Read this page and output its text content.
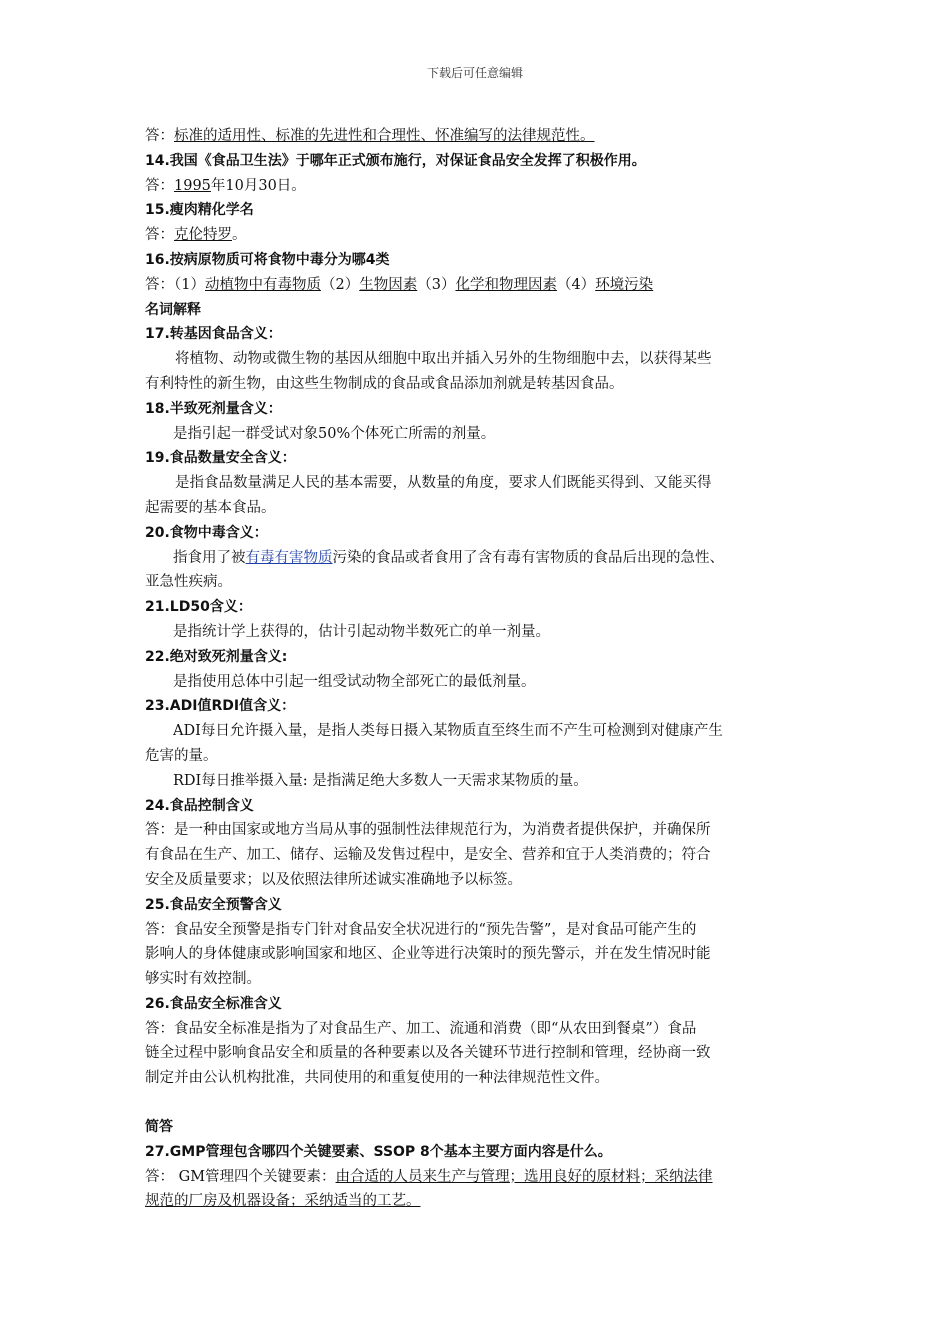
下载后可任意编辑
答：标准的适用性、标准的先进性和合理性、怀准编写的法律规范性。
14.我国《食品卫生法》于哪年正式颁布施行，对保证食品安全发挥了积极作用。
答：1995年10月30日。
15.瘦肉精化学名
答：克伦特罗。
16.按病原物质可将食物中毒分为哪4类
答：（1）动植物中有毒物质（2）生物因素（3）化学和物理因素（4）环境污染
名词解释
17.转基因食品含义：
将植物、动物或微生物的基因从细胞中取出并插入另外的生物细胞中去，以获得某些
有利特性的新生物，由这些生物制成的食品或食品添加剂就是转基因食品。
18.半致死剂量含义：
是指引起一群受试对象50%个体死亡所需的剂量。
19.食品数量安全含义：
是指食品数量满足人民的基本需要，从数量的角度，要求人们既能买得到、又能买得
起需要的基本食品。
20.食物中毒含义：
指食用了被有毒有害物质污染的食品或者食用了含有毒有害物质的食品后出现的急性、
亚急性疾病。
21.LD50含义：
是指统计学上获得的，估计引起动物半数死亡的单一剂量。
22.绝对致死剂量含义:
是指使用总体中引起一组受试动物全部死亡的最低剂量。
23.ADI值RDI值含义：
ADI每日允许摄入量，是指人类每日摄入某物质直至终生而不产生可检测到对健康产生
危害的量。
RDI每日推举摄入量: 是指满足绝大多数人一天需求某物质的量。
24.食品控制含义
答：是一种由国家或地方当局从事的强制性法律规范行为，为消费者提供保护，并确保所
有食品在生产、加工、储存、运输及发售过程中，是安全、营养和宜于人类消费的；符合
安全及质量要求；以及依照法律所述诚实准确地予以标签。
25.食品安全预警含义
答：食品安全预警是指专门针对食品安全状况进行的“预先告警”，是对食品可能产生的
影响人的身体健康或影响国家和地区、企业等进行决策时的预先警示，并在发生情况时能
够实时有效控制。
26.食品安全标准含义
答：食品安全标准是指为了对食品生产、加工、流通和消费（即“从农田到餐桌”）食品
链全过程中影响食品安全和质量的各种要素以及各关键环节进行控制和管理，经协商一致
制定并由公认机构批准，共同使用的和重复使用的一种法律规范性文件。
简答
27.GMP管理包含哪四个关键要素、SSOP 8个基本主要方面内容是什么。
答： GM管理四个关键要素：由合适的人员来生产与管理；选用良好的原材料；采纳法律
规范的厂房及机器设备；采纳适当的工艺。
